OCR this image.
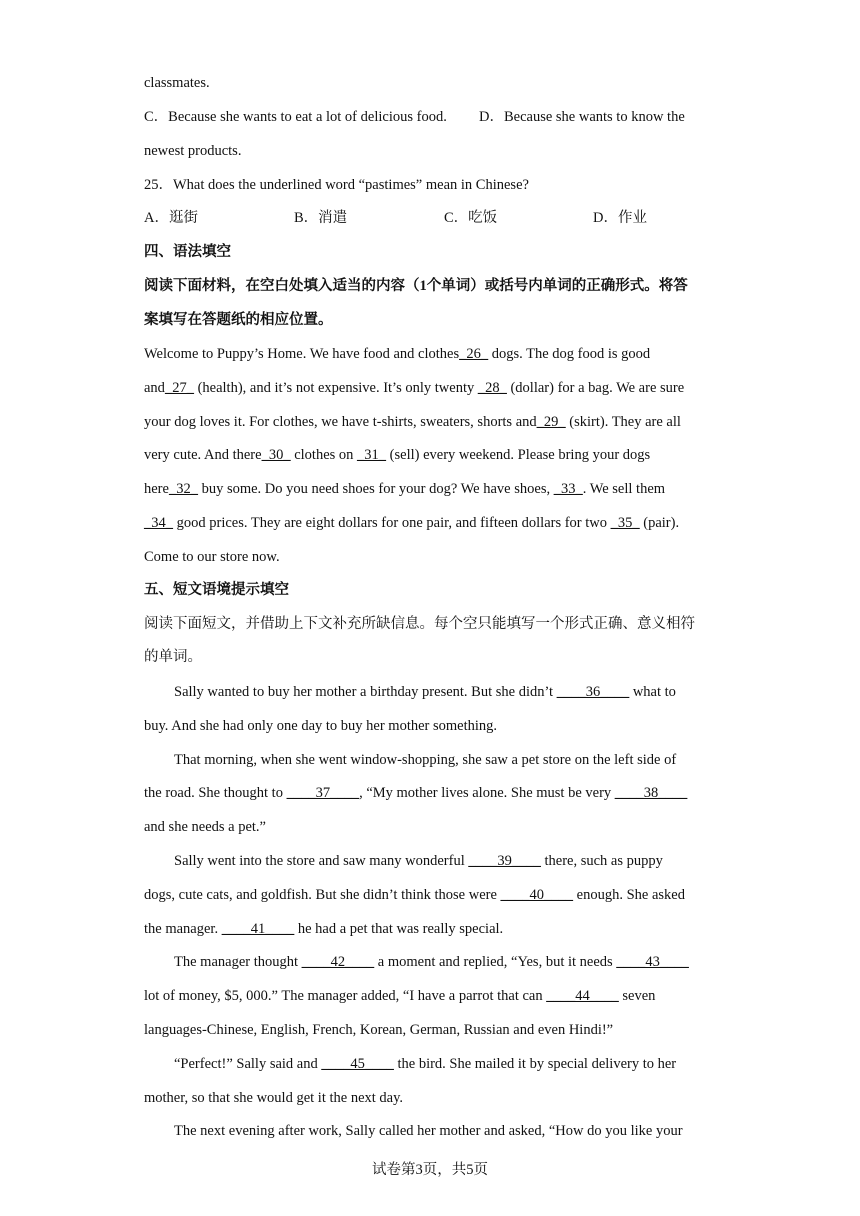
classmates.
C．Because she wants to eat a lot of delicious food. D．Because she wants to know the
newest products.
25．What does the underlined word “pastimes” mean in Chinese?
A．逛街	B．消遣	C．吃饭	D．作业
四、语法填空
阅读下面材料，在空白处填入适当的内容（1个单词）或括号内单词的正确形式。将答
案填写在答题纸的相应位置。
Welcome to Puppy’s Home. We have food and clothes_26_ dogs. The dog food is good
and_27_ (health), and it’s not expensive. It’s only twenty _28_ (dollar) for a bag. We are sure
your dog loves it. For clothes, we have t-shirts, sweaters, shorts and_29_ (skirt). They are all
very cute. And there_30_ clothes on _31_ (sell) every weekend. Please bring your dogs
here_32_ buy some. Do you need shoes for your dog? We have shoes, _33_. We sell them
_34_ good prices. They are eight dollars for one pair, and fifteen dollars for two _35_ (pair).
Come to our store now.
五、短文语境提示填空
阅读下面短文，并借助上下文补充所缺信息。每个空只能填写一个形式正确、意义相符
的单词。
Sally wanted to buy her mother a birthday present. But she didn’t ____36____ what to
buy. And she had only one day to buy her mother something.
That morning, when she went window-shopping, she saw a pet store on the left side of
the road. She thought to ____37____, “My mother lives alone. She must be very ____38____
and she needs a pet.”
Sally went into the store and saw many wonderful ____39____ there, such as puppy
dogs, cute cats, and goldfish. But she didn’t think those were ____40____ enough. She asked
the manager. ____41____ he had a pet that was really special.
The manager thought ____42____ a moment and replied, “Yes, but it needs ____43____
lot of money, $5, 000.” The manager added, “I have a parrot that can ____44____ seven
languages-Chinese, English, French, Korean, German, Russian and even Hindi!”
“Perfect!” Sally said and ____45____ the bird. She mailed it by special delivery to her
mother, so that she would get it the next day.
The next evening after work, Sally called her mother and asked, “How do you like your
试卷第3页，共5页
